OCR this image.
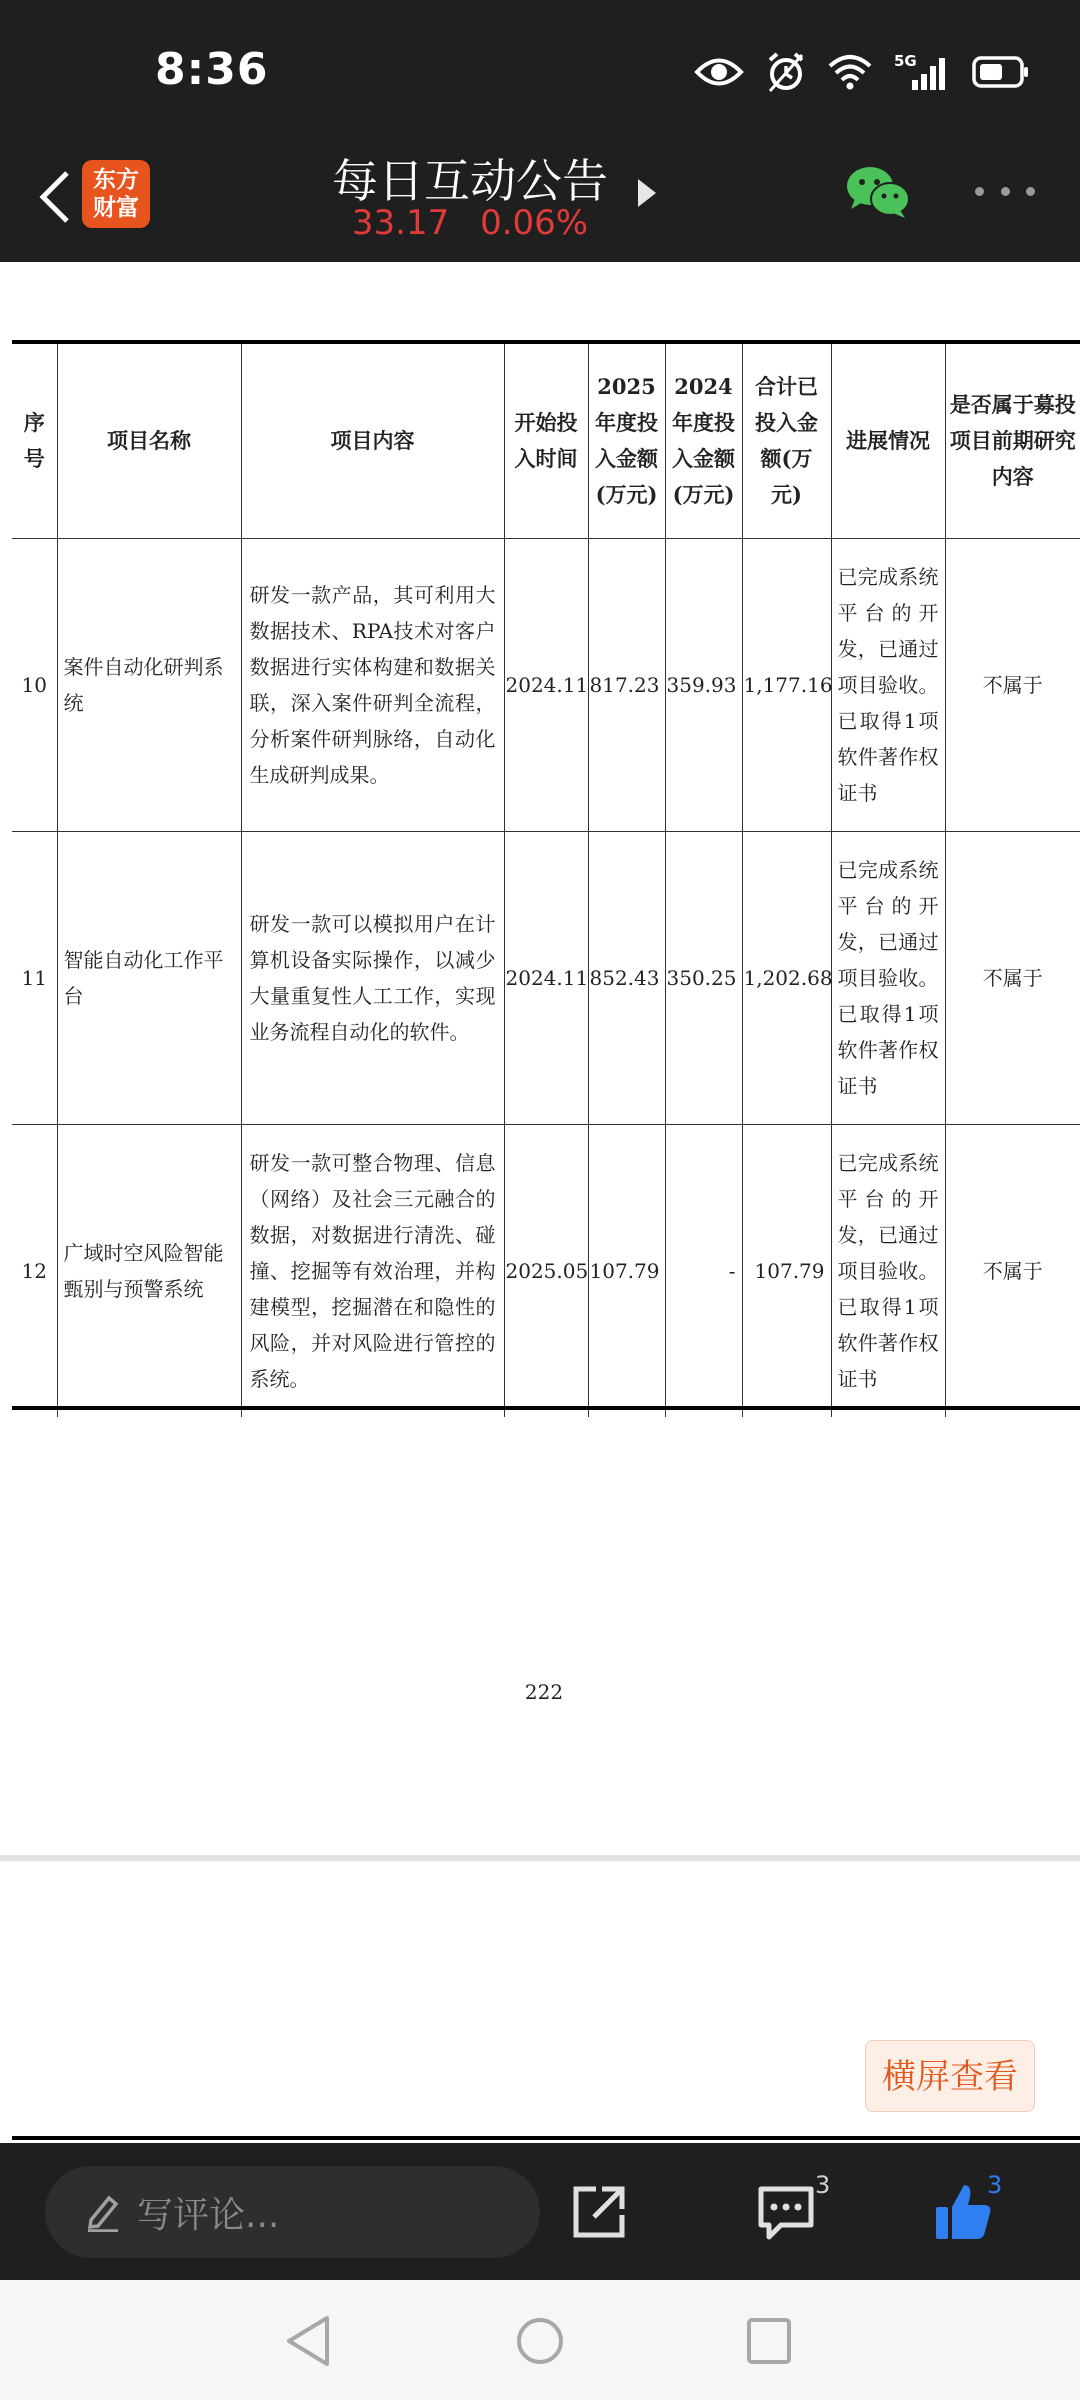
8:36	5G
东方
财富	每日互动公告
33.17 0.06%
序号	项目名称	项目内容	开始投入时间	2025年度投入金额(万元)	2024年度投入金额(万元)	合计已投入金额(万元)	进展情况	是否属于募投项目前期研究内容
10	案件自动化研判系统	研发一款产品，其可利用大数据技术、RPA技术对客户数据进行实体构建和数据关联，深入案件研判全流程，分析案件研判脉络，自动化生成研判成果。	2024.11	817.23	359.93	1,177.16	已完成系统平台的开发，已通过项目验收。已取得1项软件著作权证书	不属于
11	智能自动化工作平台	研发一款可以模拟用户在计算机设备实际操作，以减少大量重复性人工工作，实现业务流程自动化的软件。	2024.11	852.43	350.25	1,202.68	已完成系统平台的开发，已通过项目验收。已取得1项软件著作权证书	不属于
12	广域时空风险智能甄别与预警系统	研发一款可整合物理、信息（网络）及社会三元融合的数据，对数据进行清洗、碰撞、挖掘等有效治理，并构建模型，挖掘潜在和隐性的风险，并对风险进行管控的系统。	2025.05	107.79	-	107.79	已完成系统平台的开发，已通过项目验收。已取得1项软件著作权证书	不属于
222
横屏查看
写评论...
3	3
